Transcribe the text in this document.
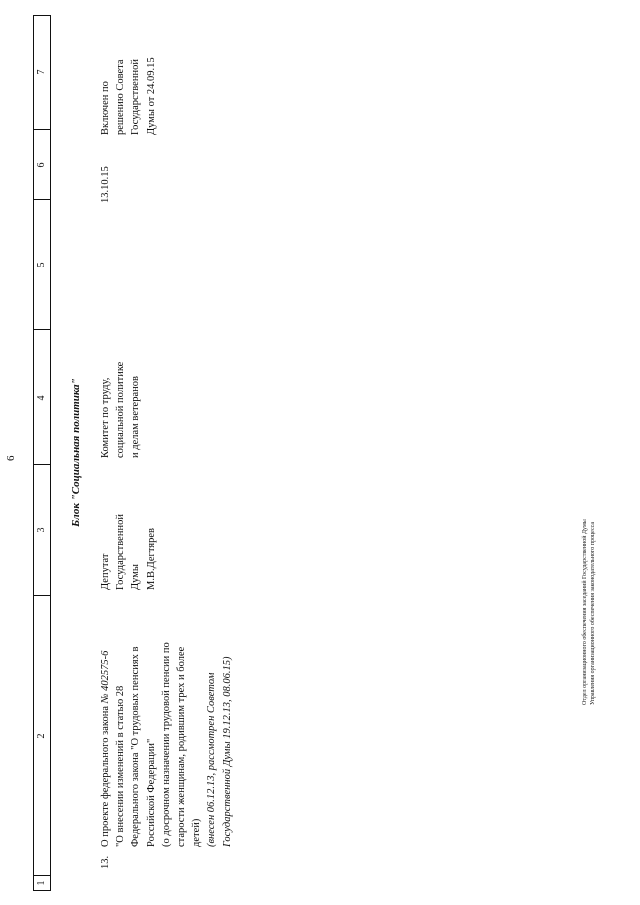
6
1
2
3
4
5
6
7
Блок "Социальная политика"
13.
О проекте федерального закона № 402575-6
"О внесении изменений в статью 28
Федерального закона "О трудовых пенсиях в
Российской Федерации"
(о досрочном назначении трудовой пенсии по
старости женщинам, родившим трех и более
детей) (внесен 06.12.13, рассмотрен Советом
Государственной Думы 19.12.13, 08.06.15)
Депутат
Государственной
Думы
М.В.Дегтярев
Комитет по труду,
социальной политике
и делам ветеранов
13.10.15
Включен по
решению Совета
Государственной
Думы от 24.09.15
Отдел организационного обеспечения заседаний Государственной Думы
Управления организационного обеспечения законодательного процесса
